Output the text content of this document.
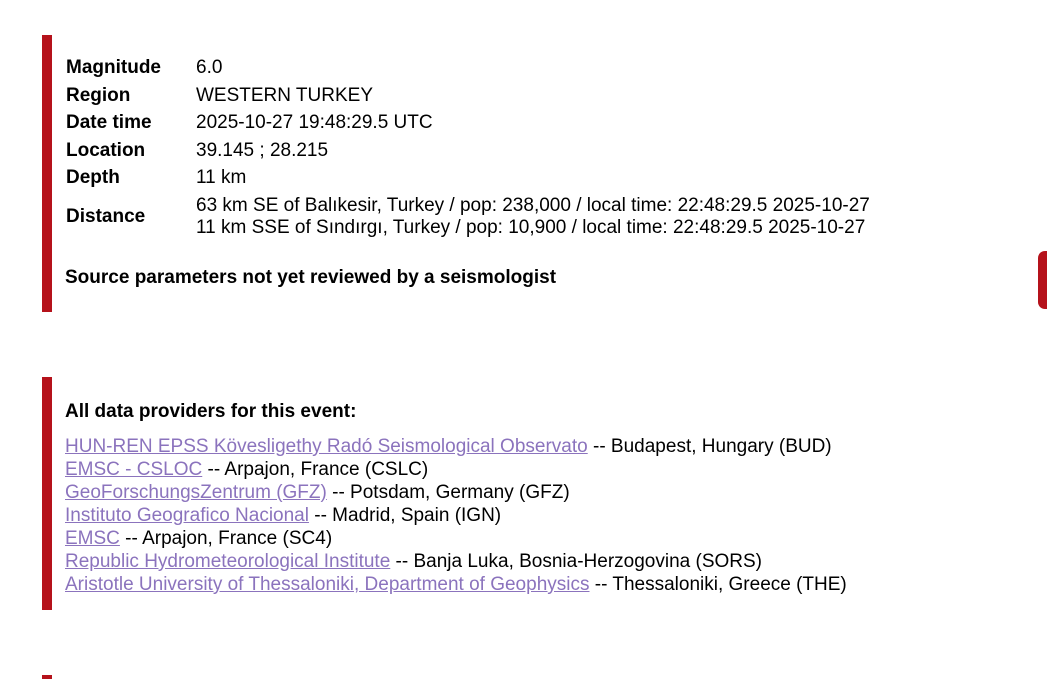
Magnitude	6.0
Region	WESTERN TURKEY
Date time	2025-10-27 19:48:29.5 UTC
Location	39.145 ; 28.215
Depth	11 km
Distance	63 km SE of Balıkesir, Turkey / pop: 238,000 / local time: 22:48:29.5 2025-10-27
11 km SSE of Sındırgı, Turkey / pop: 10,900 / local time: 22:48:29.5 2025-10-27

Source parameters not yet reviewed by a seismologist

All data providers for this event:

HUN-REN EPSS Kövesligethy Radó Seismological Observato -- Budapest, Hungary (BUD)
EMSC - CSLOC -- Arpajon, France (CSLC)
GeoForschungsZentrum (GFZ) -- Potsdam, Germany (GFZ)
Instituto Geografico Nacional -- Madrid, Spain (IGN)
EMSC -- Arpajon, France (SC4)
Republic Hydrometeorological Institute -- Banja Luka, Bosnia-Herzogovina (SORS)
Aristotle University of Thessaloniki, Department of Geophysics -- Thessaloniki, Greece (THE)
